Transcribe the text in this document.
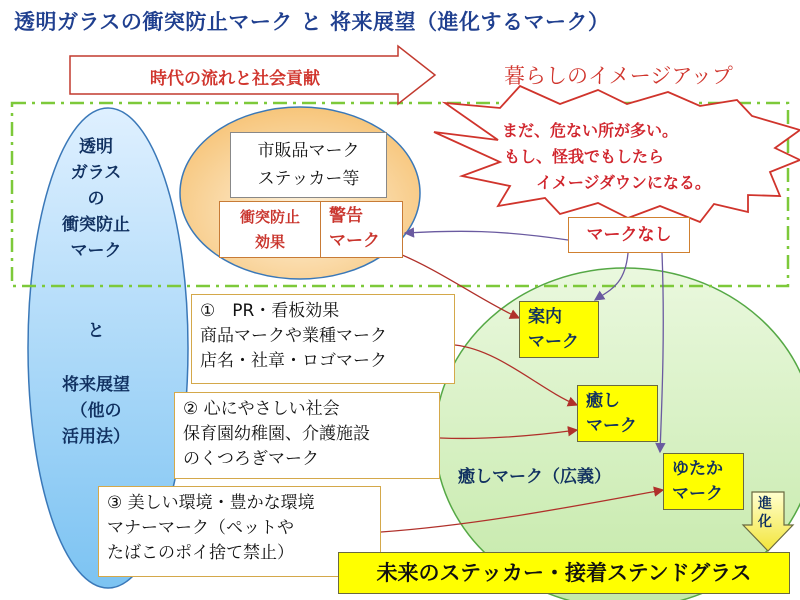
透明ガラスの衝突防止マーク と 将来展望（進化するマーク）
時代の流れと社会貢献	暮らしのイメージアップ
まだ、危ない所が多い。
もし、怪我でもしたら
イメージダウンになる。
透明
ガラス
の
衝突防止
マーク
と
将来展望
（他の
活用法）
市販品マーク
ステッカー等
衝突防止
効果
警告
マーク	マークなし
案内
マーク
癒し
マーク
ゆたか
マーク
①　PR・看板効果
商品マークや業種マーク
店名・社章・ロゴマーク
② 心にやさしい社会
保育園幼稚園、介護施設
のくつろぎマーク
③ 美しい環境・豊かな環境
マナーマーク（ペットや
たばこのポイ捨て禁止）
癒しマーク（広義）
進
化
未来のステッカー・接着ステンドグラス
